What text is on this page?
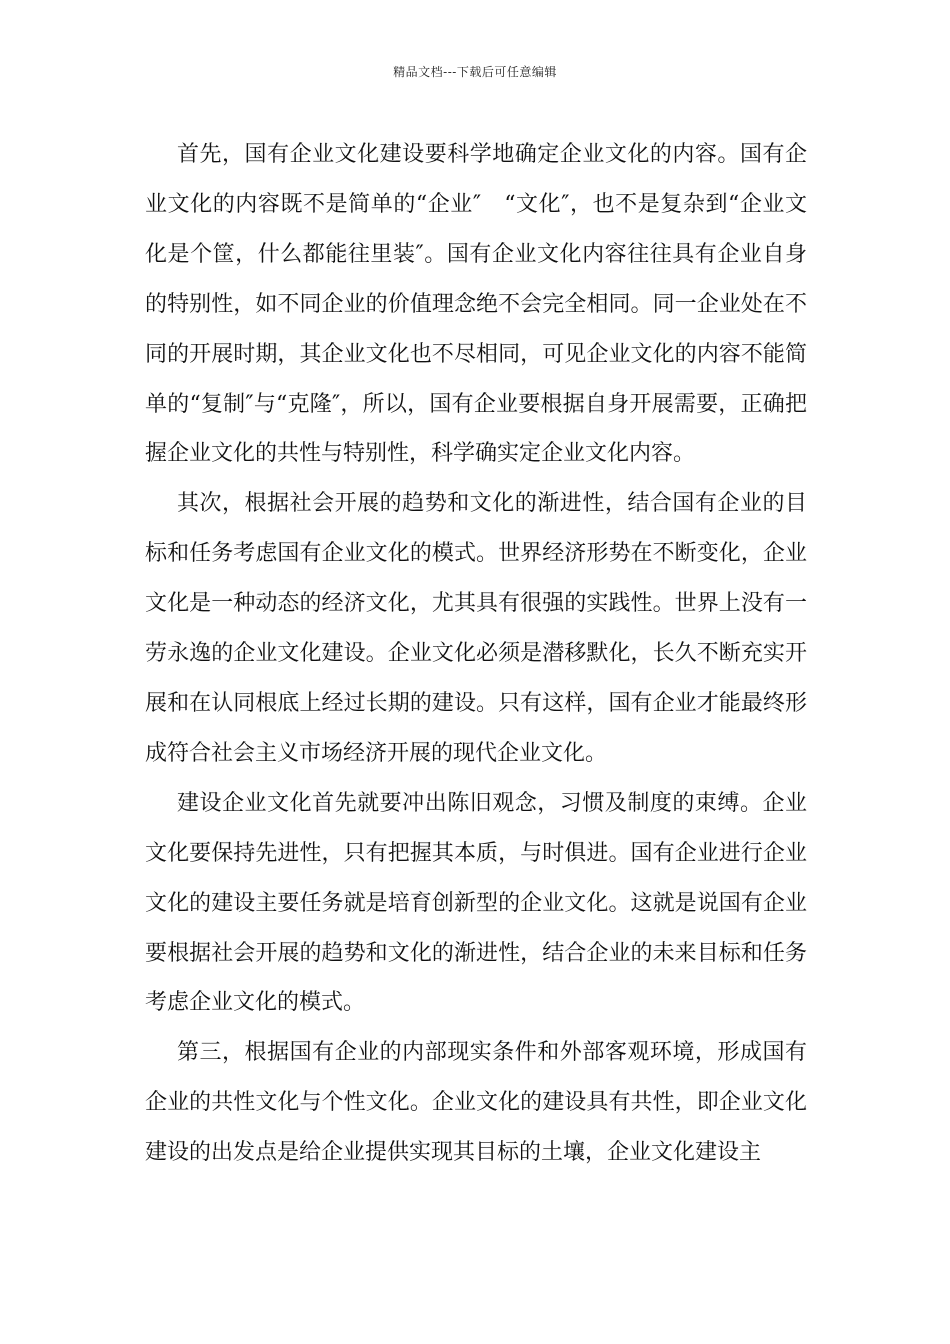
精品文档---下载后可任意编辑

首先，国有企业文化建设要科学地确定企业文化的内容。国有企业文化的内容既不是简单的“企业″　“文化″，也不是复杂到“企业文化是个筐，什么都能往里装″。国有企业文化内容往往具有企业自身的特别性，如不同企业的价值理念绝不会完全相同。同一企业处在不同的开展时期，其企业文化也不尽相同，可见企业文化的内容不能简单的“复制″与“克隆″，所以，国有企业要根据自身开展需要，正确把握企业文化的共性与特别性，科学确实定企业文化内容。

其次，根据社会开展的趋势和文化的渐进性，结合国有企业的目标和任务考虑国有企业文化的模式。世界经济形势在不断变化，企业文化是一种动态的经济文化，尤其具有很强的实践性。世界上没有一劳永逸的企业文化建设。企业文化必须是潜移默化，长久不断充实开展和在认同根底上经过长期的建设。只有这样，国有企业才能最终形成符合社会主义市场经济开展的现代企业文化。

建设企业文化首先就要冲出陈旧观念，习惯及制度的束缚。企业文化要保持先进性，只有把握其本质，与时俱进。国有企业进行企业文化的建设主要任务就是培育创新型的企业文化。这就是说国有企业要根据社会开展的趋势和文化的渐进性，结合企业的未来目标和任务考虑企业文化的模式。

第三，根据国有企业的内部现实条件和外部客观环境，形成国有企业的共性文化与个性文化。企业文化的建设具有共性，即企业文化建设的出发点是给企业提供实现其目标的土壤，企业文化建设主
